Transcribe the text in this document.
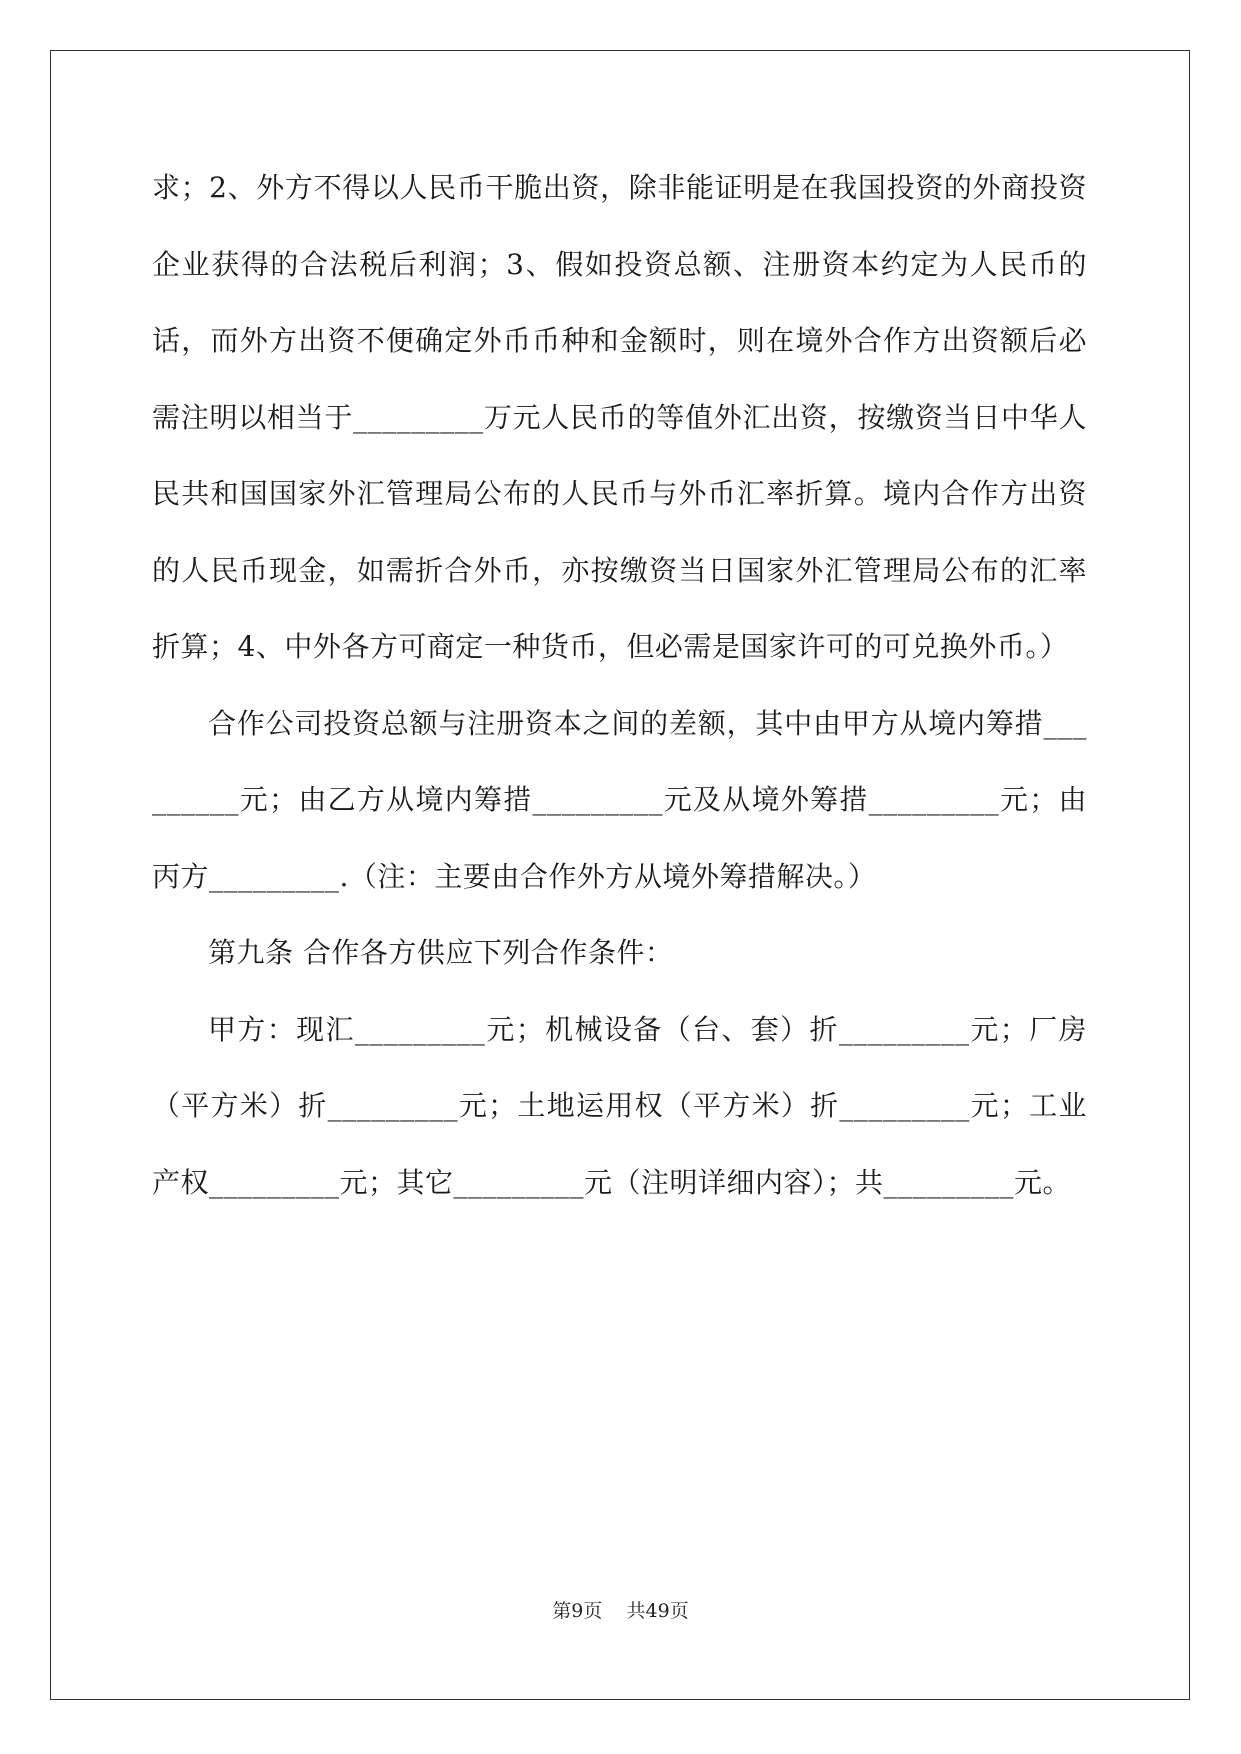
求；2、外方不得以人民币干脆出资，除非能证明是在我国投资的外商投资企业获得的合法税后利润；3、假如投资总额、注册资本约定为人民币的话，而外方出资不便确定外币币种和金额时，则在境外合作方出资额后必需注明以相当于_________万元人民币的等值外汇出资，按缴资当日中华人民共和国国家外汇管理局公布的人民币与外币汇率折算。境内合作方出资的人民币现金，如需折合外币，亦按缴资当日国家外汇管理局公布的汇率折算；4、中外各方可商定一种货币，但必需是国家许可的可兑换外币。）

合作公司投资总额与注册资本之间的差额，其中由甲方从境内筹措_________元；由乙方从境内筹措_________元及从境外筹措_________元；由丙方_________.（注：主要由合作外方从境外筹措解决。）

第九条 合作各方供应下列合作条件：

甲方：现汇_________元；机械设备（台、套）折_________元；厂房（平方米）折_________元；土地运用权（平方米）折_________元；工业产权_________元；其它_________元（注明详细内容）；共_________元。

第9页 共49页
